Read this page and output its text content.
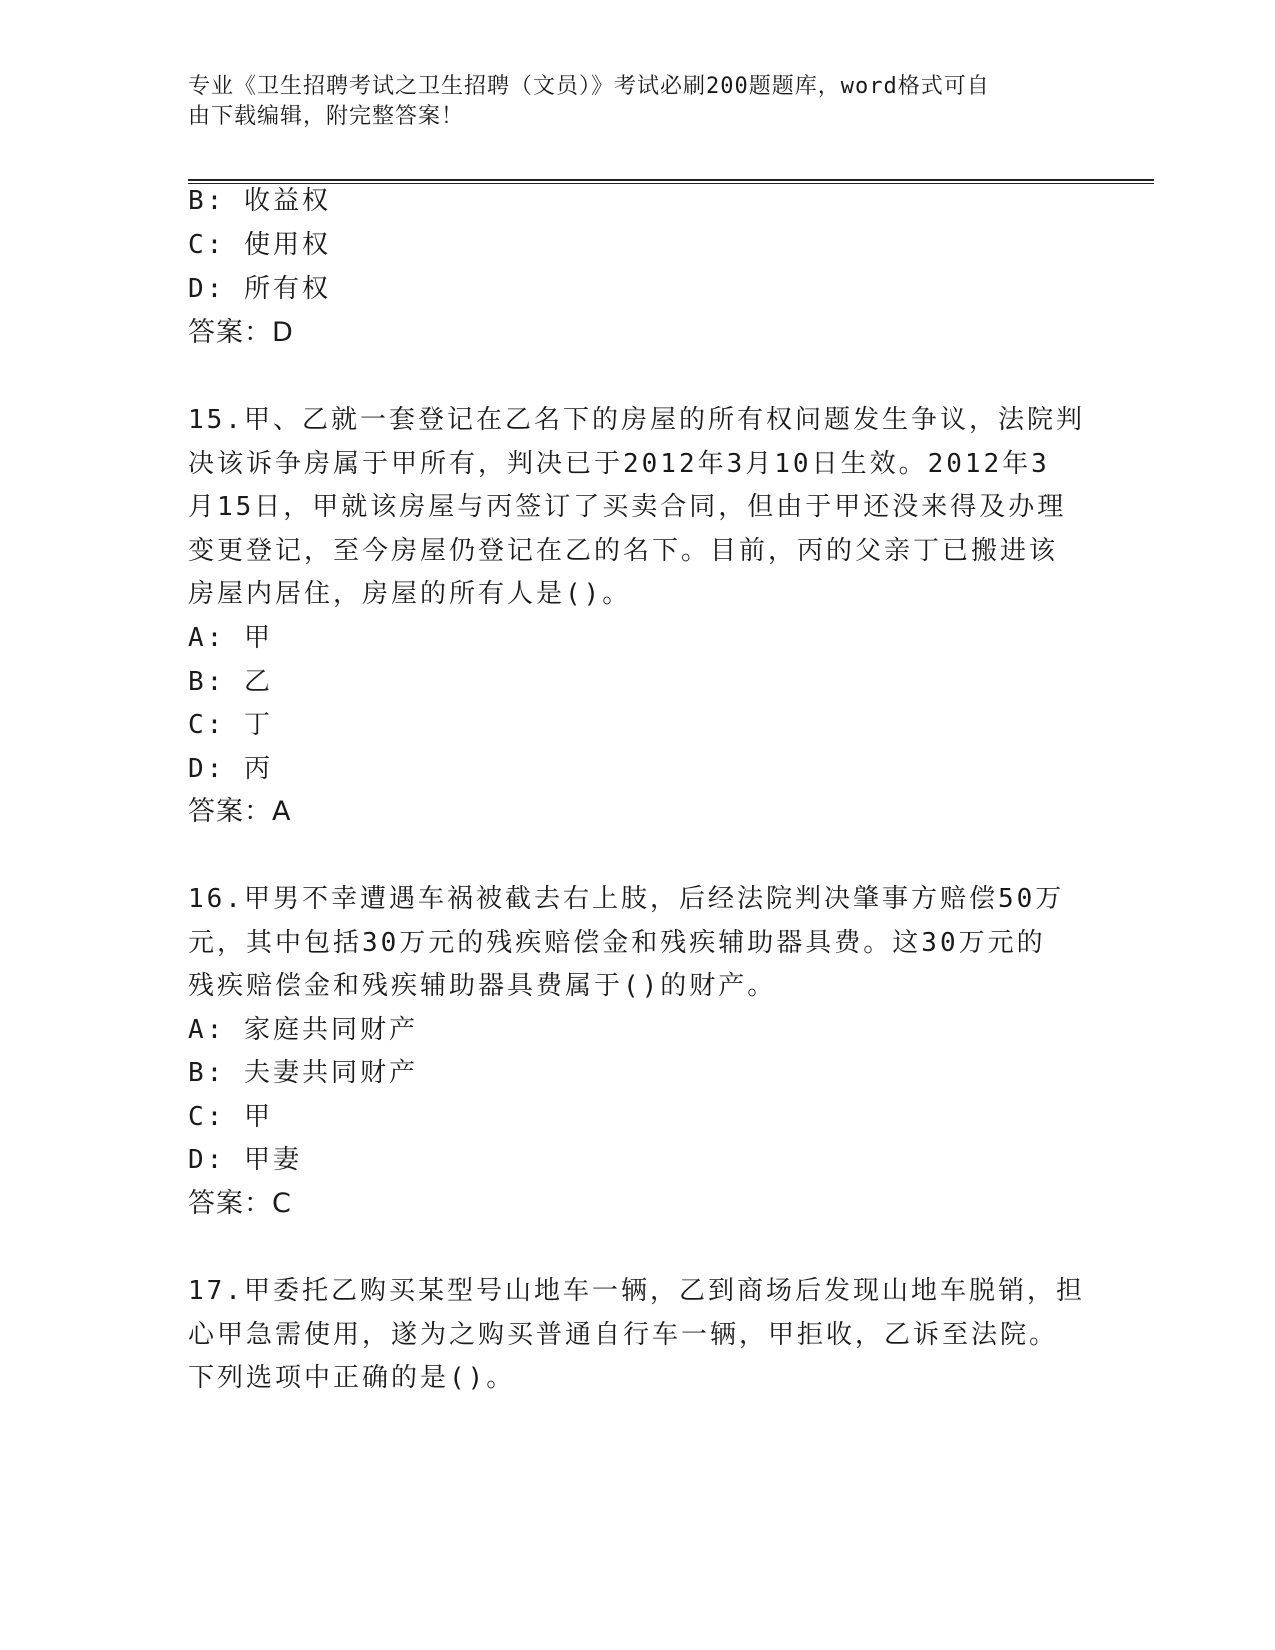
专业《卫生招聘考试之卫生招聘（文员）》考试必刷200题题库，word格式可自
由下载编辑，附完整答案！
B: 收益权
C: 使用权
D: 所有权
答案：D
15.甲、乙就一套登记在乙名下的房屋的所有权问题发生争议，法院判
决该诉争房属于甲所有，判决已于2012年3月10日生效。2012年3
月15日，甲就该房屋与丙签订了买卖合同，但由于甲还没来得及办理
变更登记，至今房屋仍登记在乙的名下。目前，丙的父亲丁已搬进该
房屋内居住，房屋的所有人是()。
A: 甲
B: 乙
C: 丁
D: 丙
答案：A
16.甲男不幸遭遇车祸被截去右上肢，后经法院判决肇事方赔偿50万
元，其中包括30万元的残疾赔偿金和残疾辅助器具费。这30万元的
残疾赔偿金和残疾辅助器具费属于()的财产。
A: 家庭共同财产
B: 夫妻共同财产
C: 甲
D: 甲妻
答案：C
17.甲委托乙购买某型号山地车一辆，乙到商场后发现山地车脱销，担
心甲急需使用，遂为之购买普通自行车一辆，甲拒收，乙诉至法院。
下列选项中正确的是()。
